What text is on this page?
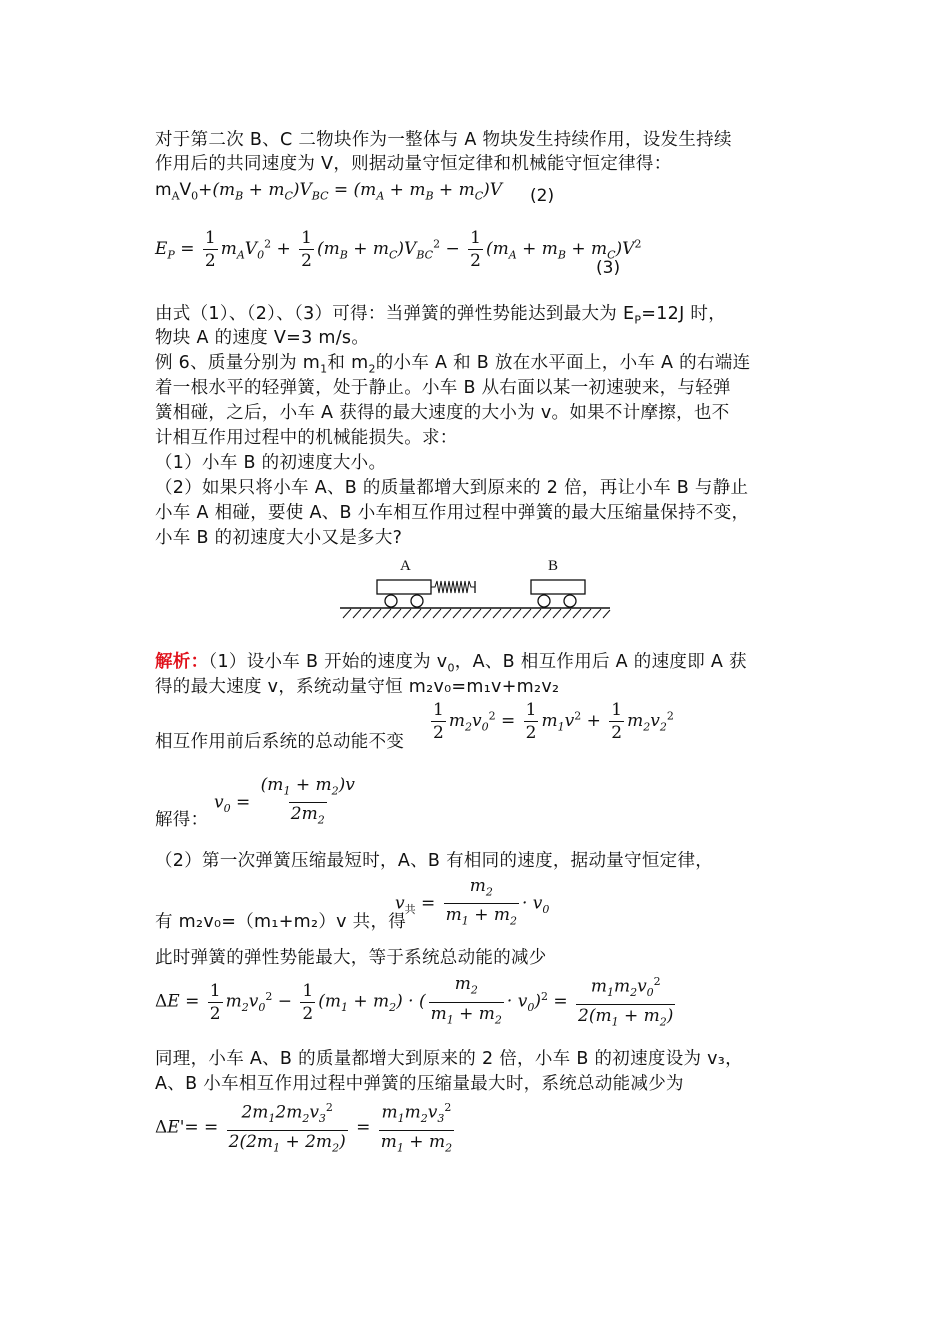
对于第二次 B、C 二物块作为一整体与 A 物块发生持续作用，设发生持续
作用后的共同速度为 V，则据动量守恒定律和机械能守恒定律得：
$m_AV_0+(m_B + m_C)V_{BC} = (m_A + m_B + m_C)V$ (2)
$E_P = \frac{1}{2} m_AV_0^2 + \frac{1}{2} (m_B + m_C)V_{BC}^2 - \frac{1}{2} (m_A + m_B + m_C)V^2$
(3)
由式（1）、（2）、（3）可得：当弹簧的弹性势能达到最大为 $E_P=12J$ 时，
物块 A 的速度 V=3 m/s。
例 6、质量分别为 $m_1$和 $m_2$的小车 A 和 B 放在水平面上，小车 A 的右端连
着一根水平的轻弹簧，处于静止。小车 B 从右面以某一初速驶来，与轻弹
簧相碰，之后，小车 A 获得的最大速度的大小为 v。如果不计摩擦，也不
计相互作用过程中的机械能损失。求：
（1）小车 B 的初速度大小。
（2）如果只将小车 A、B 的质量都增大到原来的 2 倍，再让小车 B 与静止
小车 A 相碰，要使 A、B 小车相互作用过程中弹簧的最大压缩量保持不变，
小车 B 的初速度大小又是多大?
A	B
解析：（1）设小车 B 开始的速度为 $v_0$，A、B 相互作用后 A 的速度即 A 获
得的最大速度 v，系统动量守恒 m₂v₀=m₁v+m₂v₂
相互作用前后系统的总动能不变 $\frac{1}{2} m_2v_0^2 = \frac{1}{2} m_1v^2 + \frac{1}{2} m_2v_2^2$
$v_0 = \frac{(m_1 + m_2)v}{2m_2}$
解得：
（2）第一次弹簧压缩最短时，A、B 有相同的速度，据动量守恒定律，
$v_共 = \frac{m_2}{m_1 + m_2} \cdot v_0$
有 m₂v₀=（m₁+m₂）v 共，得
此时弹簧的弹性势能最大，等于系统总动能的减少
$\Delta E = \frac{1}{2} m_2v_0^2 - \frac{1}{2} (m_1 + m_2)$ · ( $\frac{m_2}{m_1 + m_2} \cdot v_0)^2 = \frac{m_1m_2v_0^2}{2(m_1 + m_2)}$
同理，小车 A、B 的质量都增大到原来的 2 倍，小车 B 的初速度设为 v₃，
A、B 小车相互作用过程中弹簧的压缩量最大时，系统总动能减少为
$\Delta E'= = \frac{2m_12m_2v_3^2}{2(2m_1 + 2m_2)} = \frac{m_1m_2v_3^2}{m_1 + m_2}$
